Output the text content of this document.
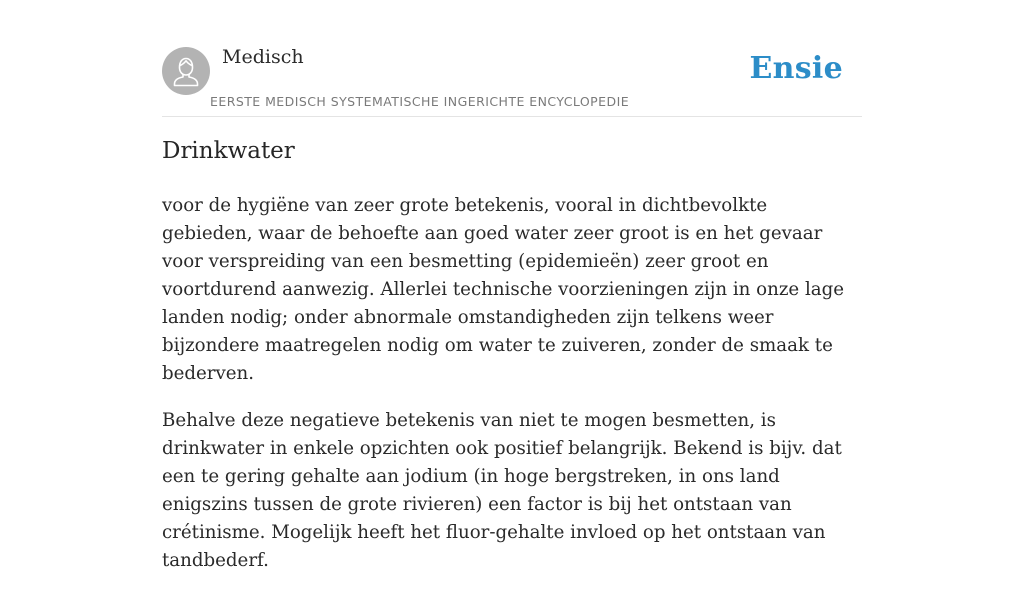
Medisch
EERSTE MEDISCH SYSTEMATISCHE INGERICHTE ENCYCLOPEDIE
Ensie
Drinkwater

voor de hygiëne van zeer grote betekenis, vooral in dichtbevolkte gebieden, waar de behoefte aan goed water zeer groot is en het gevaar voor verspreiding van een besmetting (epidemieën) zeer groot en voortdurend aanwezig. Allerlei technische voorzieningen zijn in onze lage landen nodig; onder abnormale omstandigheden zijn telkens weer bijzondere maatregelen nodig om water te zuiveren, zonder de smaak te bederven.

Behalve deze negatieve betekenis van niet te mogen besmetten, is drinkwater in enkele opzichten ook positief belangrijk. Bekend is bijv. dat een te gering gehalte aan jodium (in hoge bergstreken, in ons land enigszins tussen de grote rivieren) een factor is bij het ontstaan van crétinisme. Mogelijk heeft het fluor-gehalte invloed op het ontstaan van tandbederf.
